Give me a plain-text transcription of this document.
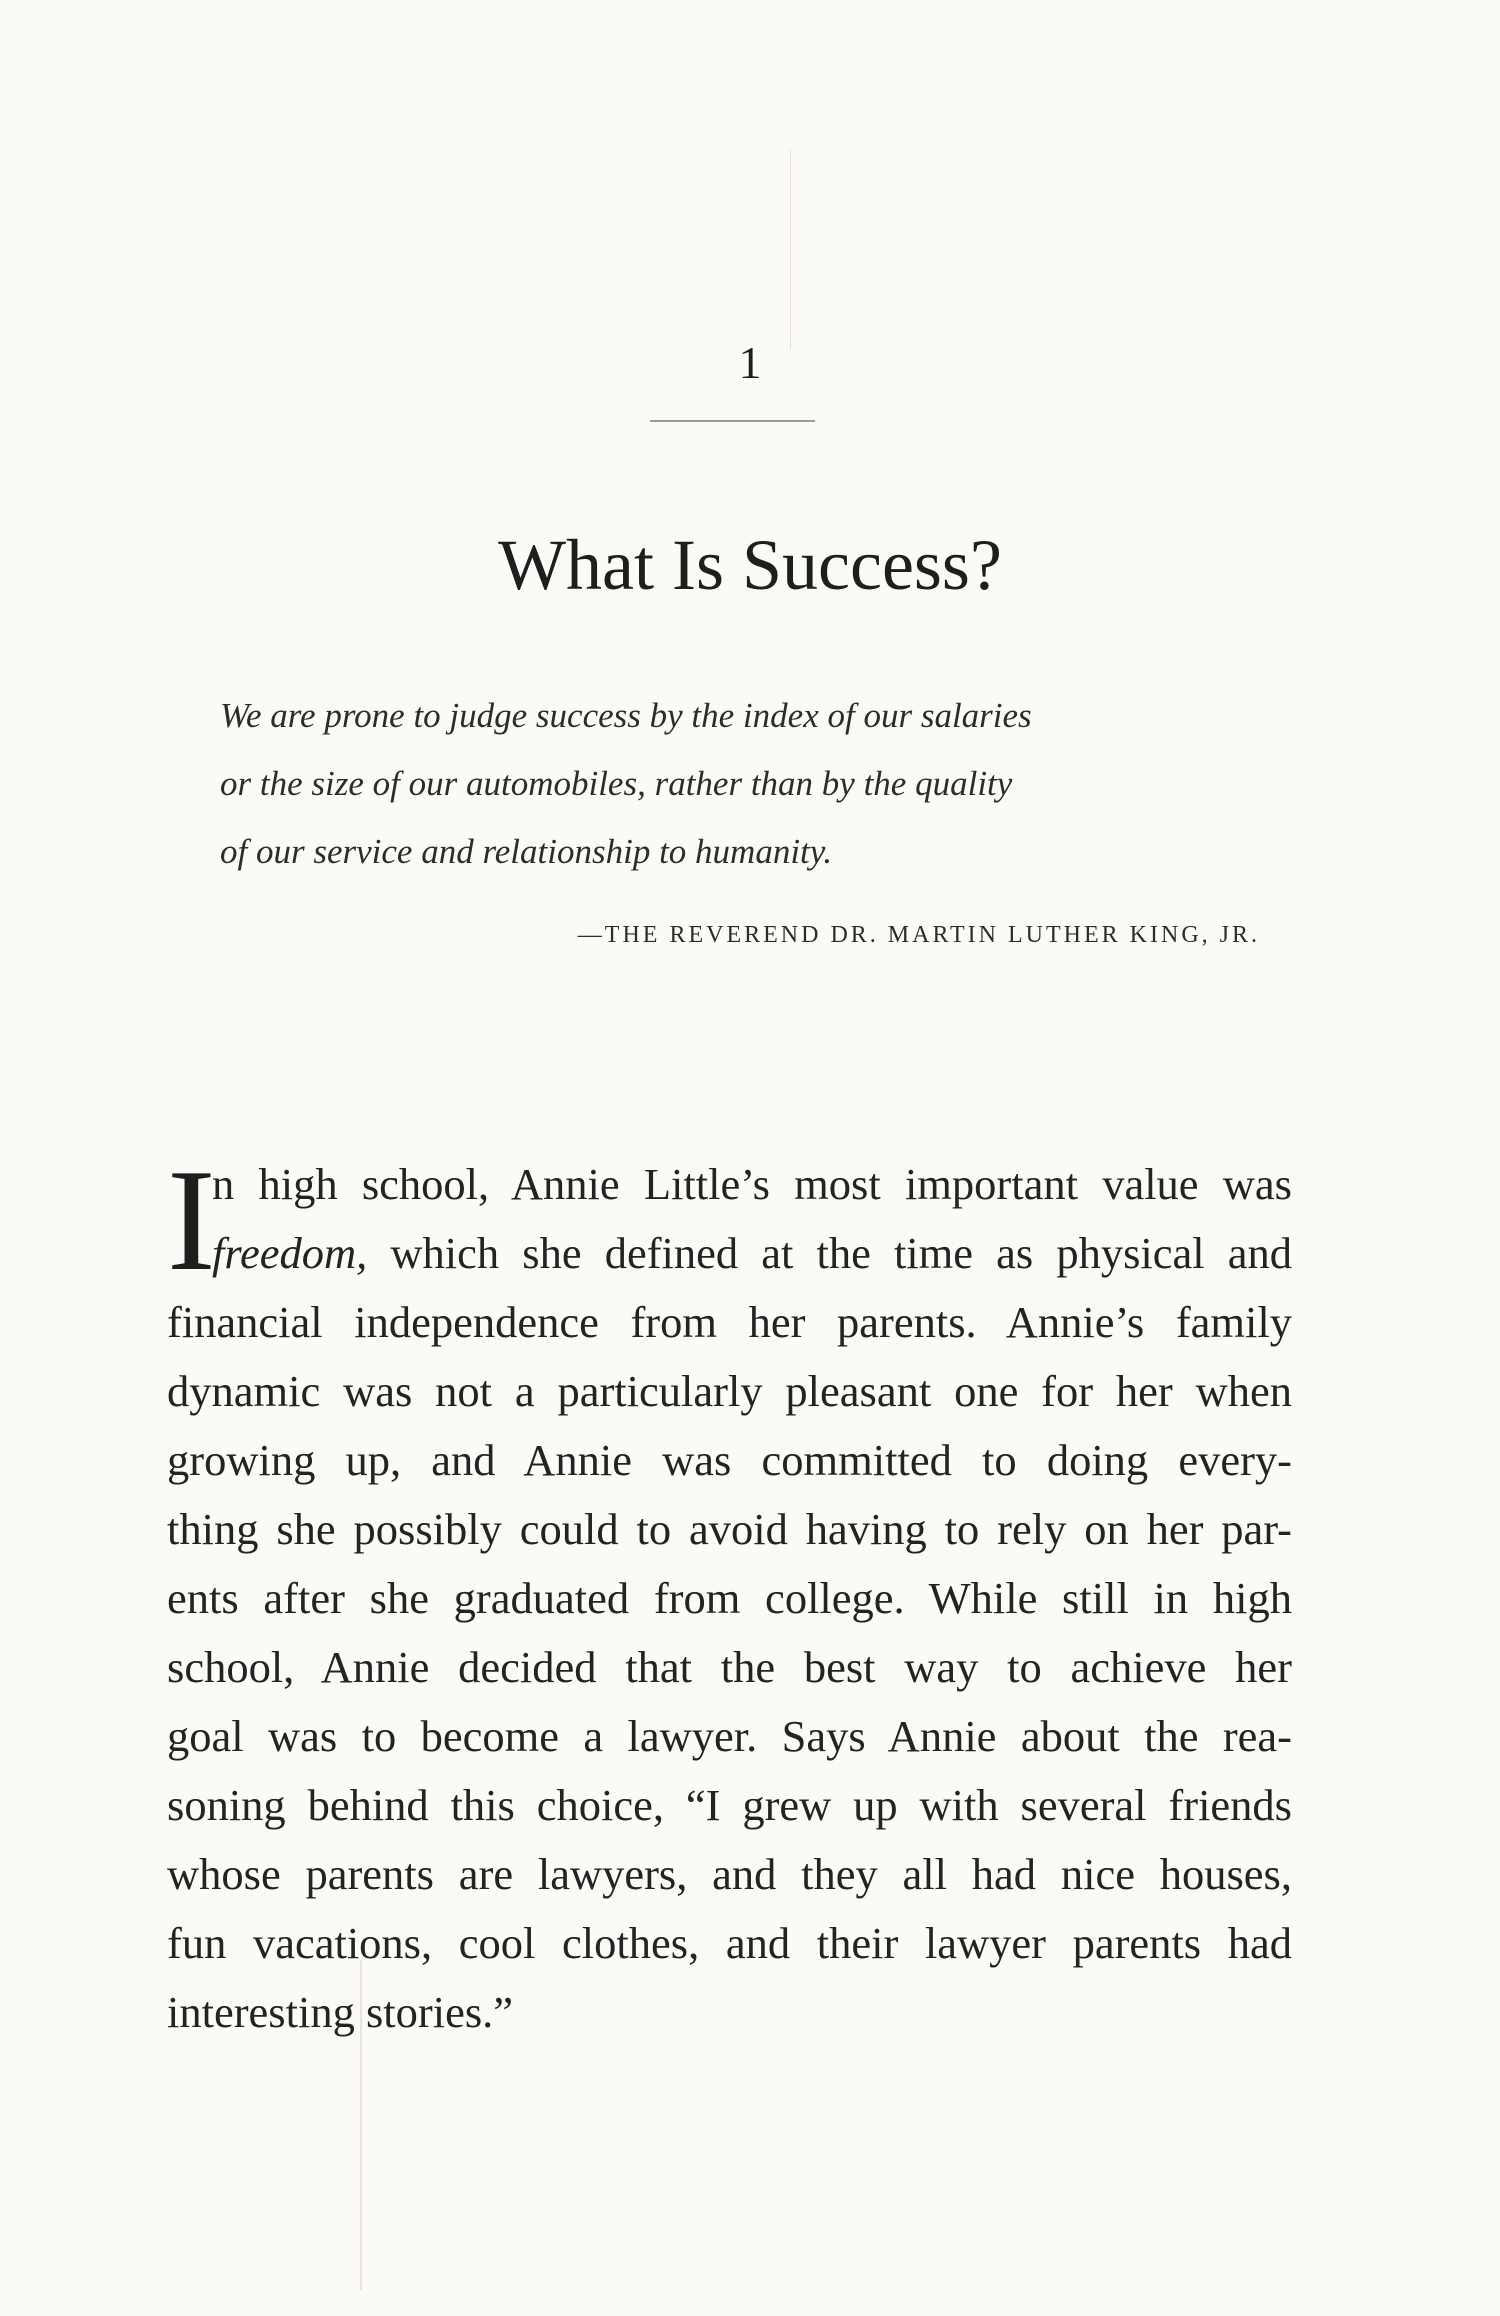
1
What Is Success?
We are prone to judge success by the index of our salaries
or the size of our automobiles, rather than by the quality
of our service and relationship to humanity.
—THE REVEREND DR. MARTIN LUTHER KING, JR.
I
n high school, Annie Little’s most important value was
freedom, which she defined at the time as physical and
financial independence from her parents. Annie’s family
dynamic was not a particularly pleasant one for her when
growing up, and Annie was committed to doing every-
thing she possibly could to avoid having to rely on her par-
ents after she graduated from college. While still in high
school, Annie decided that the best way to achieve her
goal was to become a lawyer. Says Annie about the rea-
soning behind this choice, “I grew up with several friends
whose parents are lawyers, and they all had nice houses,
fun vacations, cool clothes, and their lawyer parents had
interesting stories.”
